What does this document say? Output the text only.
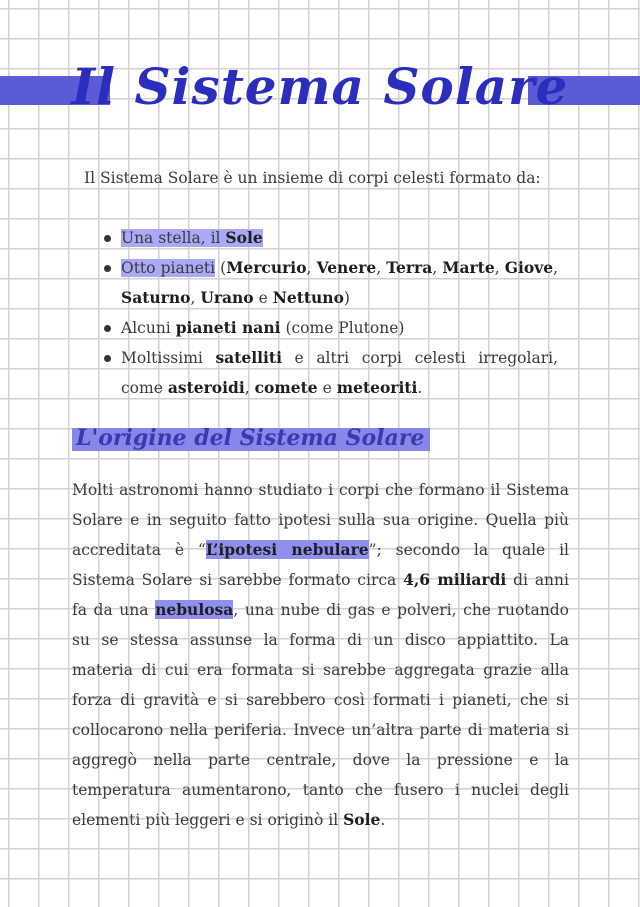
Il Sistema Solare

Il Sistema Solare è un insieme di corpi celesti formato da:

Una stella, il Sole
Otto pianeti (Mercurio, Venere, Terra, Marte, Giove, Saturno, Urano e Nettuno)
Alcuni pianeti nani (come Plutone)
Moltissimi satelliti e altri corpi celesti irregolari, come asteroidi, comete e meteoriti.
L'origine del Sistema Solare

Molti astronomi hanno studiato i corpi che formano il Sistema Solare e in seguito fatto ipotesi sulla sua origine. Quella più accreditata è “L’ipotesi nebulare”; secondo la quale il Sistema Solare si sarebbe formato circa 4,6 miliardi di anni fa da una nebulosa, una nube di gas e polveri, che ruotando su se stessa assunse la forma di un disco appiattito. La materia di cui era formata si sarebbe aggregata grazie alla forza di gravità e si sarebbero così formati i pianeti, che si collocarono nella periferia. Invece un’altra parte di materia si aggregò nella parte centrale, dove la pressione e la temperatura aumentarono, tanto che fusero i nuclei degli elementi più leggeri e si originò il Sole.
